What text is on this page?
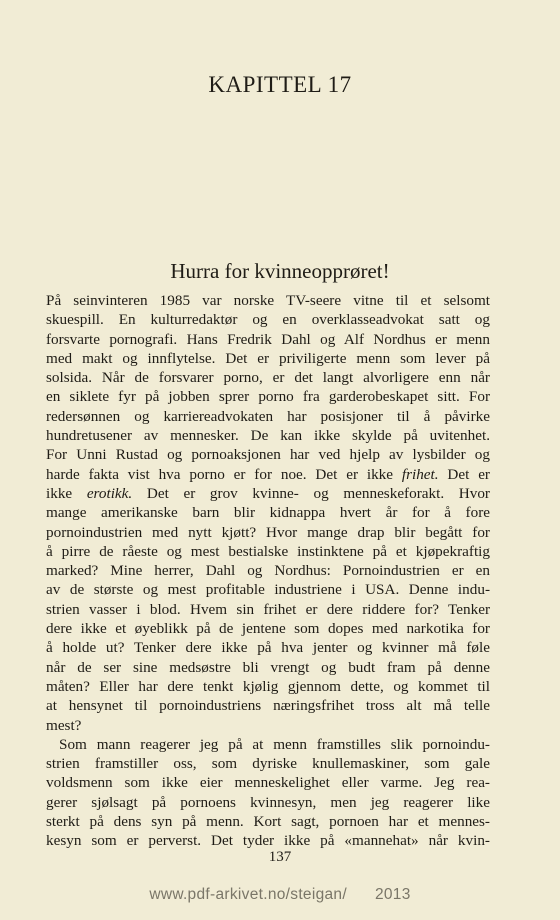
KAPITTEL 17
Hurra for kvinneopprøret!
På seinvinteren 1985 var norske TV-seere vitne til et selsomt
skuespill. En kulturredaktør og en overklasseadvokat satt og
forsvarte pornografi. Hans Fredrik Dahl og Alf Nordhus er menn
med makt og innflytelse. Det er priviligerte menn som lever på
solsida. Når de forsvarer porno, er det langt alvorligere enn når
en siklete fyr på jobben sprer porno fra garderobeskapet sitt. For
redersønnen og karriereadvokaten har posisjoner til å påvirke
hundretusener av mennesker. De kan ikke skylde på uvitenhet.
For Unni Rustad og pornoaksjonen har ved hjelp av lysbilder og
harde fakta vist hva porno er for noe. Det er ikke frihet. Det er
ikke erotikk. Det er grov kvinne- og menneskeforakt. Hvor
mange amerikanske barn blir kidnappa hvert år for å fore
pornoindustrien med nytt kjøtt? Hvor mange drap blir begått for
å pirre de råeste og mest bestialske instinktene på et kjøpekraftig
marked? Mine herrer, Dahl og Nordhus: Pornoindustrien er en
av de største og mest profitable industriene i USA. Denne indu-
strien vasser i blod. Hvem sin frihet er dere riddere for? Tenker
dere ikke et øyeblikk på de jentene som dopes med narkotika for
å holde ut? Tenker dere ikke på hva jenter og kvinner må føle
når de ser sine medsøstre bli vrengt og budt fram på denne
måten? Eller har dere tenkt kjølig gjennom dette, og kommet til
at hensynet til pornoindustriens næringsfrihet tross alt må telle
mest?
Som mann reagerer jeg på at menn framstilles slik pornoindu-
strien framstiller oss, som dyriske knullemaskiner, som gale
voldsmenn som ikke eier menneskelighet eller varme. Jeg rea-
gerer sjølsagt på pornoens kvinnesyn, men jeg reagerer like
sterkt på dens syn på menn. Kort sagt, pornoen har et mennes-
kesyn som er perverst. Det tyder ikke på «mannehat» når kvin-
137
www.pdf-arkivet.no/steigan/ 2013
